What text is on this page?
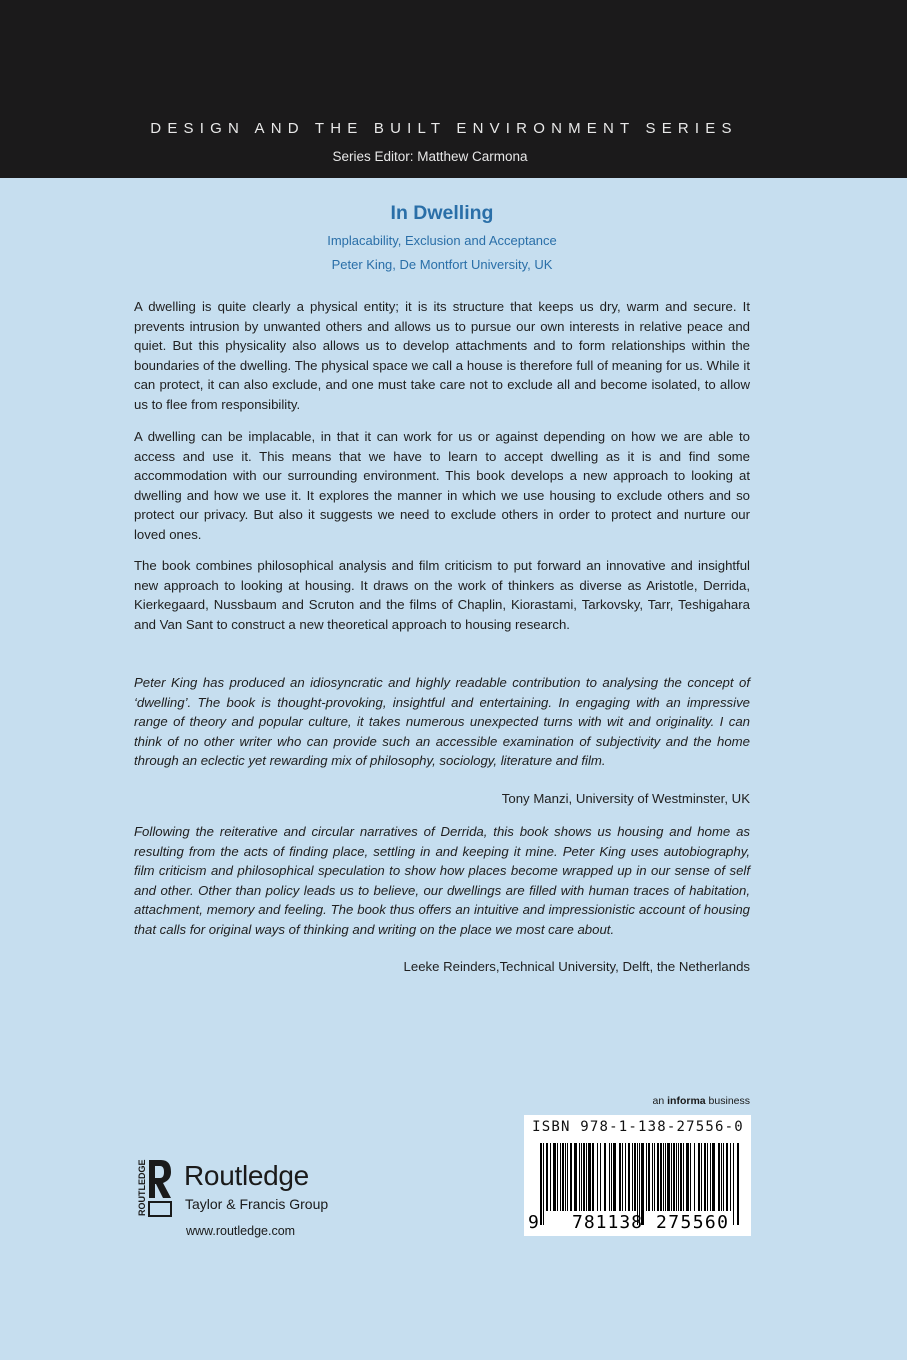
DESIGN AND THE BUILT ENVIRONMENT SERIES
Series Editor: Matthew Carmona
In Dwelling
Implacability, Exclusion and Acceptance
Peter King, De Montfort University, UK

A dwelling is quite clearly a physical entity; it is its structure that keeps us dry, warm and secure. It prevents intrusion by unwanted others and allows us to pursue our own interests in relative peace and quiet. But this physicality also allows us to develop attachments and to form relationships within the boundaries of the dwelling. The physical space we call a house is therefore full of meaning for us. While it can protect, it can also exclude, and one must take care not to exclude all and become isolated, to allow us to flee from responsibility.

A dwelling can be implacable, in that it can work for us or against depending on how we are able to access and use it. This means that we have to learn to accept dwelling as it is and find some accommodation with our surrounding environment. This book develops a new approach to looking at dwelling and how we use it. It explores the manner in which we use housing to exclude others and so protect our privacy. But also it suggests we need to exclude others in order to protect and nurture our loved ones.

The book combines philosophical analysis and film criticism to put forward an innovative and insightful new approach to looking at housing. It draws on the work of thinkers as diverse as Aristotle, Derrida, Kierkegaard, Nussbaum and Scruton and the films of Chaplin, Kiorastami, Tarkovsky, Tarr, Teshigahara and Van Sant to construct a new theoretical approach to housing research.

Peter King has produced an idiosyncratic and highly readable contribution to analysing the concept of ‘dwelling’. The book is thought-provoking, insightful and entertaining. In engaging with an impressive range of theory and popular culture, it takes numerous unexpected turns with wit and originality. I can think of no other writer who can provide such an accessible examination of subjectivity and the home through an eclectic yet rewarding mix of philosophy, sociology, literature and film.

Tony Manzi, University of Westminster, UK

Following the reiterative and circular narratives of Derrida, this book shows us housing and home as resulting from the acts of finding place, settling in and keeping it mine. Peter King uses autobiography, film criticism and philosophical speculation to show how places become wrapped up in our sense of self and other. Other than policy leads us to believe, our dwellings are filled with human traces of habitation, attachment, memory and feeling. The book thus offers an intuitive and impressionistic account of housing that calls for original ways of thinking and writing on the place we most care about.

Leeke Reinders,Technical University, Delft, the Netherlands
an informa business
ISBN 978-1-138-27556-0
9 781138 275560
ROUTLEDGE Routledge
Taylor & Francis Group
www.routledge.com
